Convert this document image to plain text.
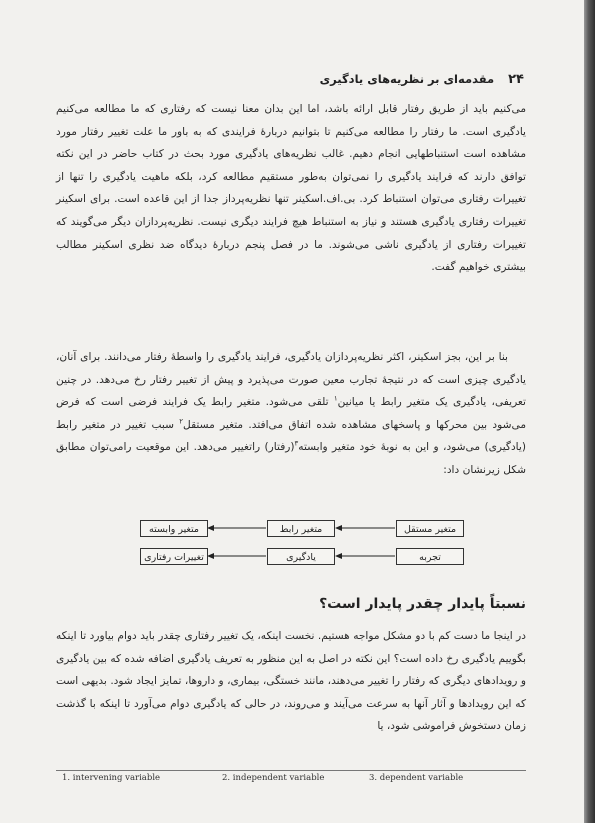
۲۴مقدمه‌ای بر نظریه‌های یادگیری
می‌کنیم باید از طریق رفتار قابل ارائه باشد، اما این بدان معنا نیست که رفتاری که ما مطالعه می‌کنیم یادگیری است. ما رفتار را مطالعه می‌کنیم تا بتوانیم دربارهٔ فرایندی که به باور ما علت تغییر رفتار مورد مشاهده است استنباطهایی انجام دهیم. غالب نظریه‌های یادگیری مورد بحث در کتاب حاضر در این نکته توافق دارند که فرایند یادگیری را نمی‌توان به‌طور مستقیم مطالعه کرد، بلکه ماهیت یادگیری را تنها از تغییرات رفتاری می‌توان استنباط کرد. بی.اف.اسکینر تنها نظریه‌پرداز جدا از این قاعده است. برای اسکینر تغییرات رفتاری یادگیری هستند و نیاز به استنباط هیچ فرایند دیگری نیست. نظریه‌پردازان دیگر می‌گویند که تغییرات رفتاری از یادگیری ناشی می‌شوند. ما در فصل پنجم دربارهٔ دیدگاه ضد نظری اسکینر مطالب بیشتری خواهیم گفت.
بنا بر این، بجز اسکینر، اکثر نظریه‌پردازان یادگیری، فرایند یادگیری را واسطهٔ رفتار می‌دانند. برای آنان، یادگیری چیزی است که در نتیجهٔ تجارب معین صورت می‌پذیرد و پیش از تغییر رفتار رخ می‌دهد. در چنین تعریفی، یادگیری یک متغیر رابط یا میانین$^۱$ تلقی می‌شود. متغیر رابط یک فرایند فرضی است که فرض می‌شود بین محرکها و پاسخهای مشاهده شده اتفاق می‌افتد. متغیر مستقل$^۲$ سبب تغییر در متغیر رابط (یادگیری) می‌شود، و این به نوبهٔ خود متغیر وابسته$^۳$(رفتار) راتغییر می‌دهد. این موقعیت رامی‌توان مطابق شکل زیرنشان داد:
متغیر مستقل
متغیر رابط
متغیر وابسته
تجربه
یادگیری
تغییرات رفتاری
نسبتاً پایدار چقدر پایدار است؟
در اینجا ما دست کم با دو مشکل مواجه هستیم. نخست اینکه، یک تغییر رفتاری چقدر باید دوام بیاورد تا اینکه بگوییم یادگیری رخ داده است؟ این نکته در اصل به این منظور به تعریف یادگیری اضافه شده که بین یادگیری و رویدادهای دیگری که رفتار را تغییر می‌دهند، مانند خستگی، بیماری، و داروها، تمایز ایجاد شود. بدیهی است که این رویدادها و آثار آنها به سرعت می‌آیند و می‌روند، در حالی که یادگیری دوام می‌آورد تا اینکه با گذشت زمان دستخوش فراموشی شود، یا
1. intervening variable	2. independent variable	3. dependent variable
